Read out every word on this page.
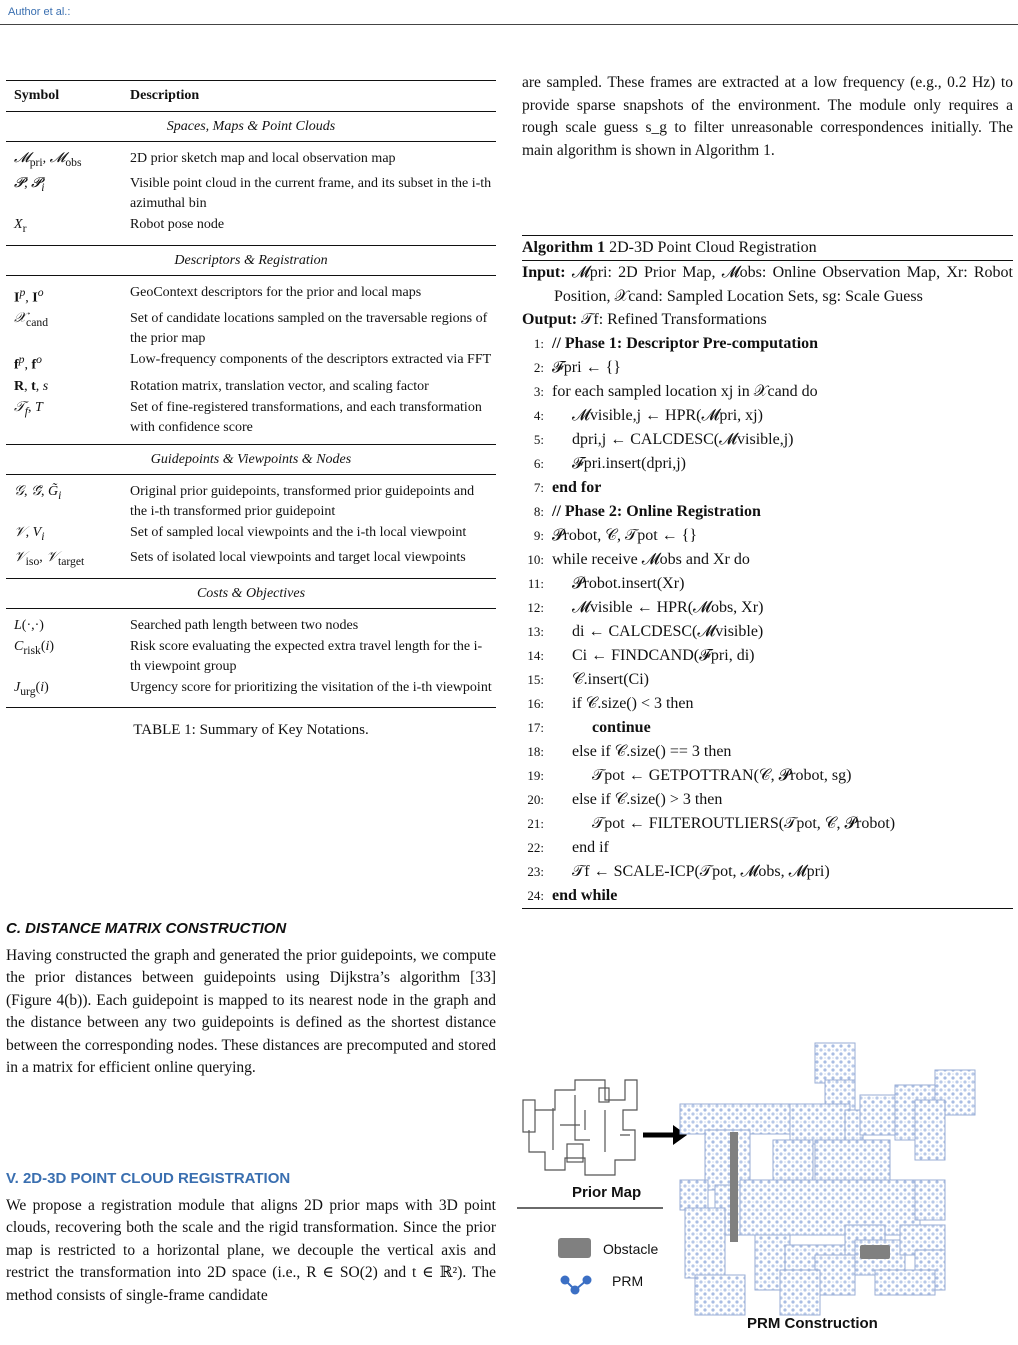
Author et al.:
Symbol	Description
Spaces, Maps & Point Clouds
𝓜$_{pri}$, 𝓜$_{obs}$	2D prior sketch map and local observation map
𝓟, 𝓟$_i$	Visible point cloud in the current frame, and its subset in the i-th azimuthal bin
$X_r$	Robot pose node
Descriptors & Registration
$I^p$, $I^o$	GeoContext descriptors for the prior and local maps
𝒳$_{cand}$	Set of candidate locations sampled on the traversable regions of the prior map
$f^p$, $f^o$	Low-frequency components of the descriptors extracted via FFT
R, t, s	Rotation matrix, translation vector, and scaling factor
𝒯$_f$, T	Set of fine-registered transformations, and each transformation with confidence score
Guidepoints & Viewpoints & Nodes
𝒢, 𝒢̃, $G̃_i$	Original prior guidepoints, transformed prior guidepoints and the i-th transformed prior guidepoint
𝒱, $V_i$	Set of sampled local viewpoints and the i-th local viewpoint
𝒱$_{iso}$, 𝒱$_{target}$	Sets of isolated local viewpoints and target local viewpoints
Costs & Objectives
L(·,·)	Searched path length between two nodes
$C_{risk}(i)$	Risk score evaluating the expected extra travel length for the i-th viewpoint group
$J_{urg}(i)$	Urgency score for prioritizing the visitation of the i-th viewpoint
TABLE 1: Summary of Key Notations.
C. DISTANCE MATRIX CONSTRUCTION
Having constructed the graph and generated the prior guidepoints, we compute the prior distances between guidepoints using Dijkstra’s algorithm [33] (Figure 4(b)). Each guidepoint is mapped to its nearest node in the graph and the distance between any two guidepoints is defined as the shortest distance between the corresponding nodes. These distances are precomputed and stored in a matrix for efficient online querying.
V. 2D-3D POINT CLOUD REGISTRATION
We propose a registration module that aligns 2D prior maps with 3D point clouds, recovering both the scale and the rigid transformation. Since the prior map is restricted to a horizontal plane, we decouple the vertical axis and restrict the transformation into 2D space (i.e., R ∈ SO(2) and t ∈ ℝ²). The method consists of single-frame candidate
are sampled. These frames are extracted at a low frequency (e.g., 0.2 Hz) to provide sparse snapshots of the environment. The module only requires a rough scale guess s_g to filter unreasonable correspondences initially. The main algorithm is shown in Algorithm 1.
Algorithm 1 2D-3D Point Cloud Registration
Input: 𝓜pri: 2D Prior Map, 𝓜obs: Online Observation Map, Xr: Robot Position, 𝒳cand: Sampled Location Sets, sg: Scale Guess
Output: 𝒯f: Refined Transformations
1: // Phase 1: Descriptor Pre-computation
2: 𝓕pri ← {}
3: for each sampled location xj in 𝒳cand do
4:	𝓜visible,j ← HPR(𝓜pri, xj)
5:	dpri,j ← CALCDESC(𝓜visible,j)
6:	𝓕pri.insert(dpri,j)
7: end for
8: // Phase 2: Online Registration
9: 𝓟robot, 𝒞, 𝒯pot ← {}
10: while receive 𝓜obs and Xr do
11:	𝓟robot.insert(Xr)
12:	𝓜visible ← HPR(𝓜obs, Xr)
13:	di ← CALCDESC(𝓜visible)
14:	Ci ← FINDCAND(𝓕pri, di)
15:	𝒞.insert(Ci)
16:	if 𝒞.size() < 3 then
17:	continue
18:	else if 𝒞.size() == 3 then
19:	𝒯pot ← GETPOTTRAN(𝒞, 𝓟robot, sg)
20:	else if 𝒞.size() > 3 then
21:	𝒯pot ← FILTEROUTLIERS(𝒯pot, 𝒞, 𝓟robot)
22:	end if
23:	𝒯f ← SCALE-ICP(𝒯pot, 𝓜obs, 𝓜pri)
24: end while
Prior Map
PRM Construction
Obstacle
PRM
